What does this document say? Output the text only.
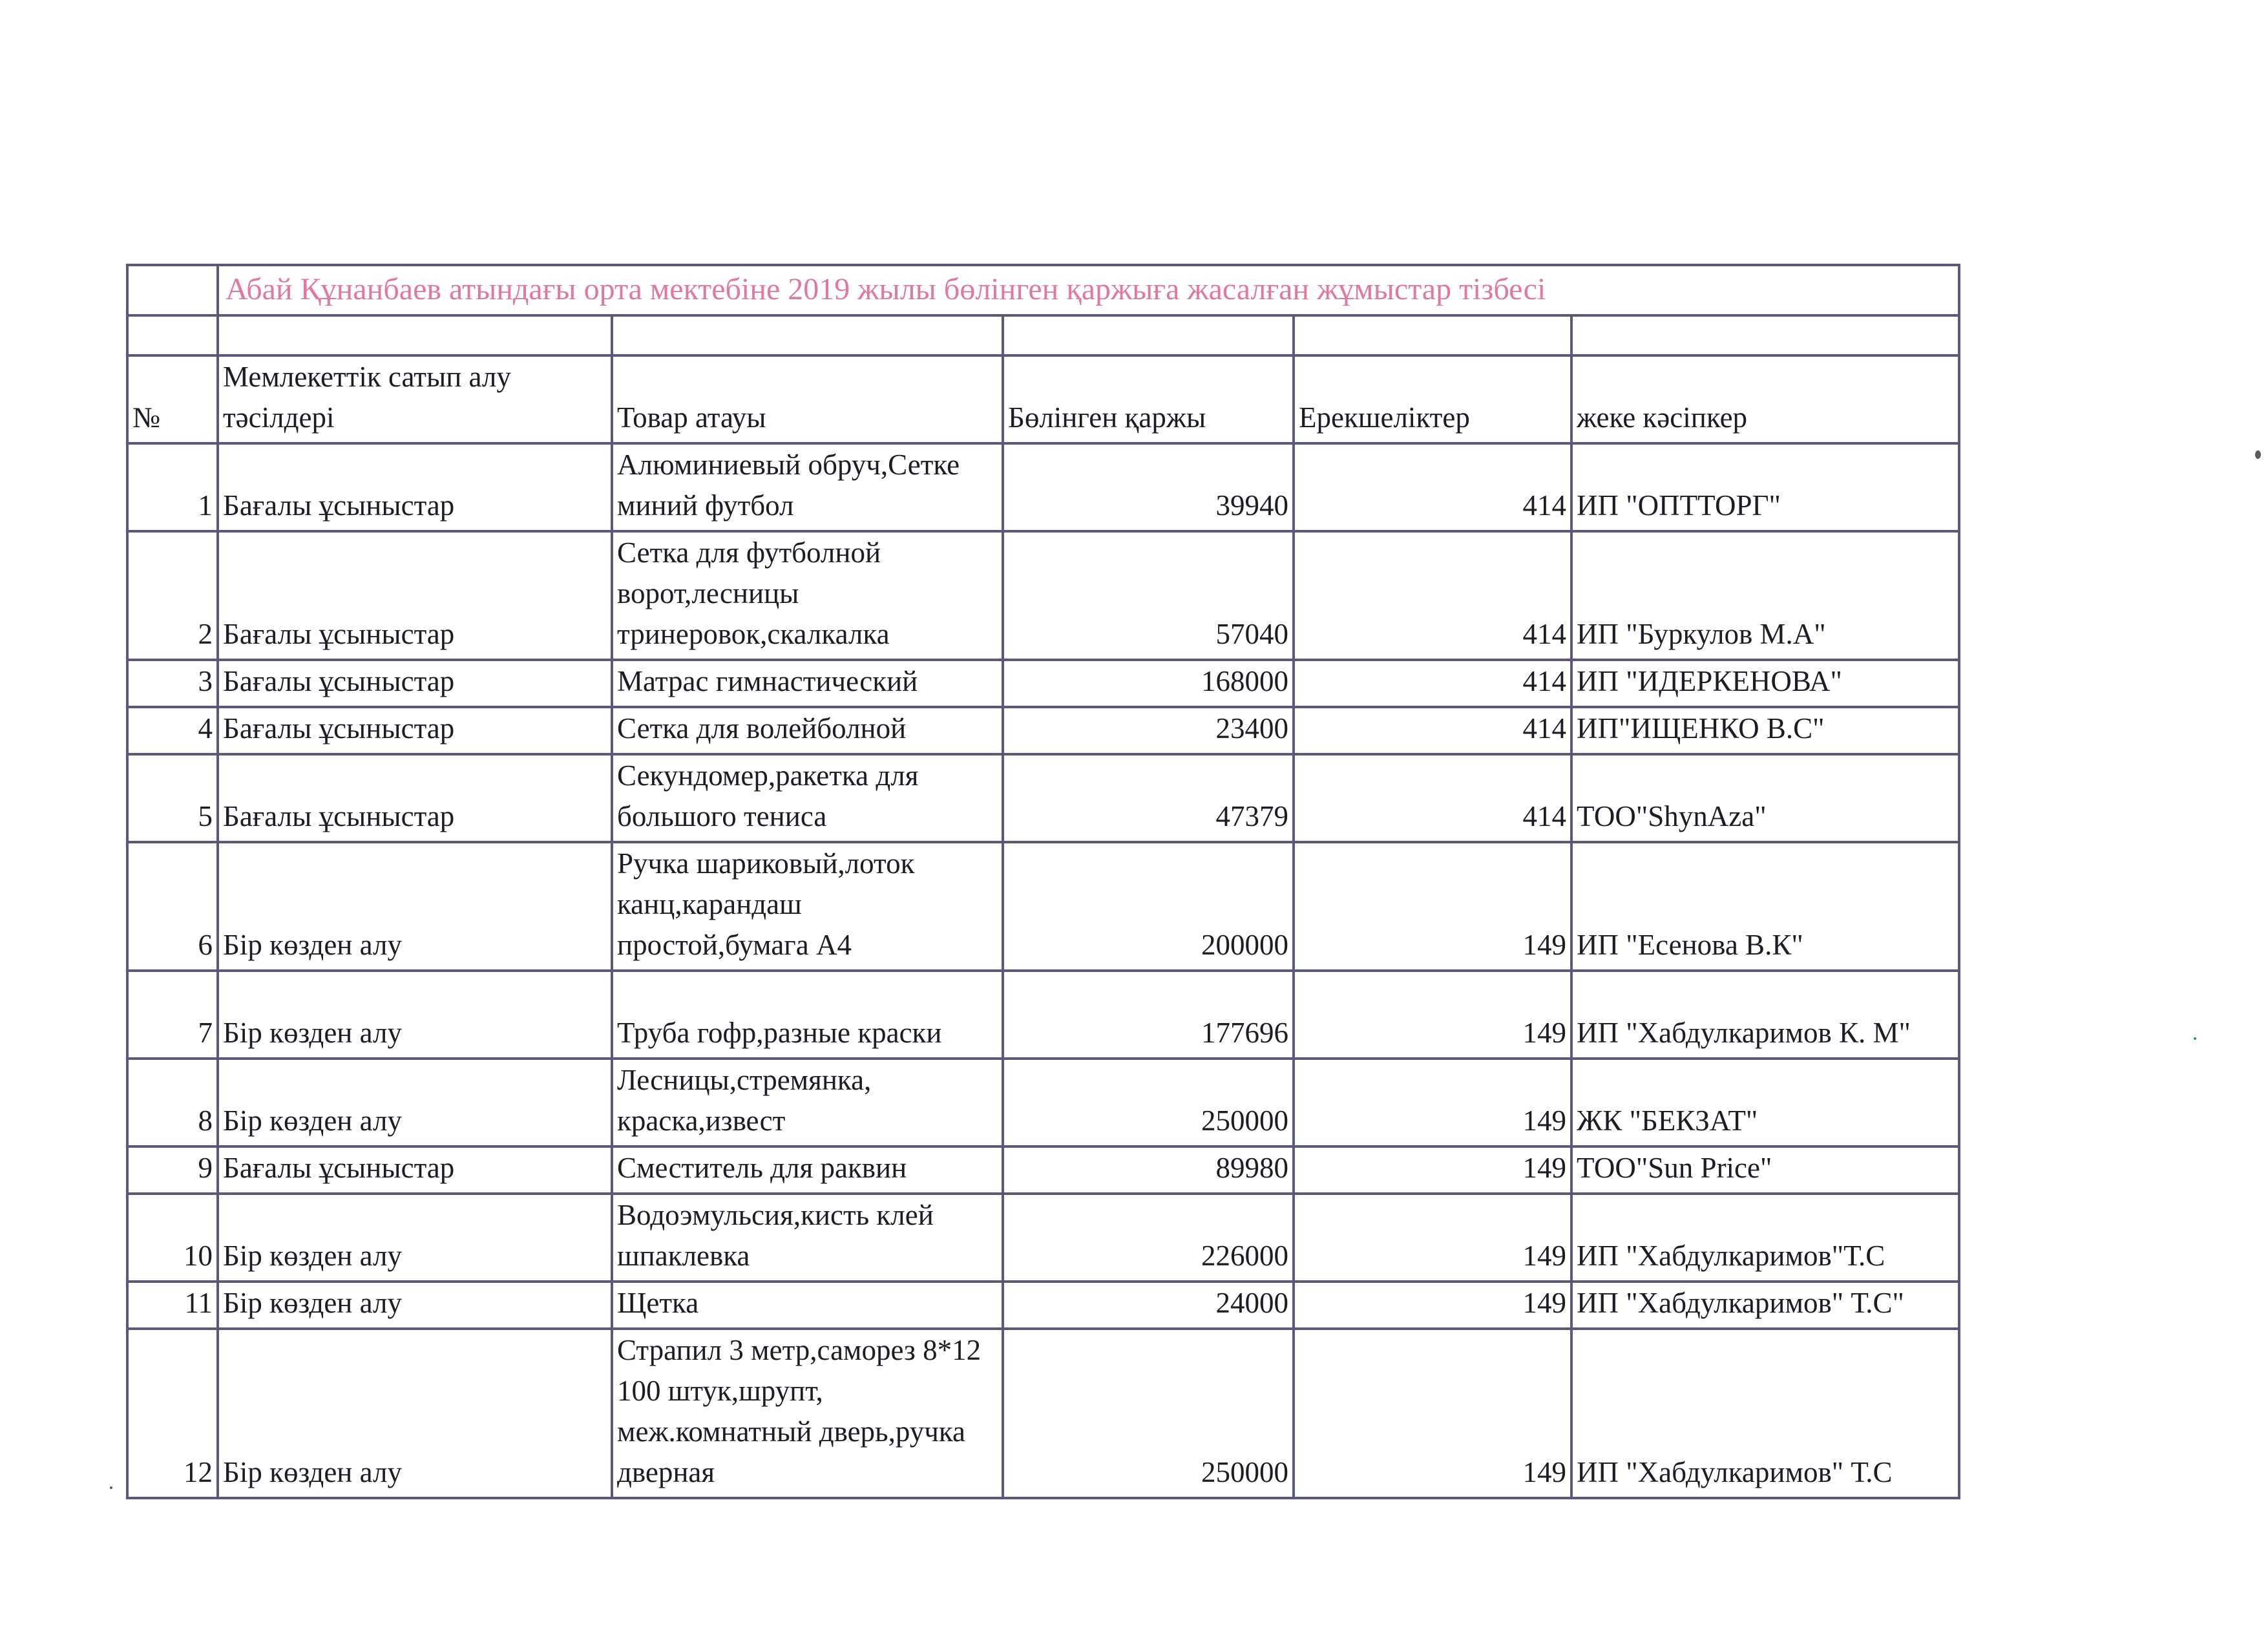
	Абай Құнанбаев атындағы орта мектебіне 2019 жылы бөлінген қаржыға жасалған жұмыстар тізбесі				

№	Мемлекеттік сатып алу тәсілдері	Товар атауы	Бөлінген қаржы	Ерекшеліктер	жеке кәсіпкер
1	Бағалы ұсыныстар	Алюминиевый обруч,Сетке миний футбол	39940	414	ИП "ОПТТОРГ"
2	Бағалы ұсыныстар	Сетка для футболной ворот,лесницы тринеровок,скалкалка	57040	414	ИП "Буркулов М.А"
3	Бағалы ұсыныстар	Матрас гимнастический	168000	414	ИП "ИДЕРКЕНОВА"
4	Бағалы ұсыныстар	Сетка для волейболной	23400	414	ИП"ИЩЕНКО В.С"
5	Бағалы ұсыныстар	Секундомер,ракетка для большого тениса	47379	414	ТОО"ShynAza"
6	Бір көзден алу	Ручка шариковый,лоток канц,карандаш простой,бумага А4	200000	149	ИП "Есенова В.К"
7	Бір көзден алу	Труба гофр,разные краски	177696	149	ИП "Хабдулкаримов К. М"
8	Бір көзден алу	Лесницы,стремянка, краска,извест	250000	149	ЖК "БЕКЗАТ"
9	Бағалы ұсыныстар	Сместитель для раквин	89980	149	ТОО"Sun Price"
10	Бір көзден алу	Водоэмульсия,кисть клей шпаклевка	226000	149	ИП "Хабдулкаримов"Т.С
11	Бір көзден алу	Щетка	24000	149	ИП "Хабдулкаримов" Т.С"
12	Бір көзден алу	Страпил 3 метр,саморез 8*12 100 штук,шрупт, меж.комнатный дверь,ручка дверная	250000	149	ИП "Хабдулкаримов" Т.С
